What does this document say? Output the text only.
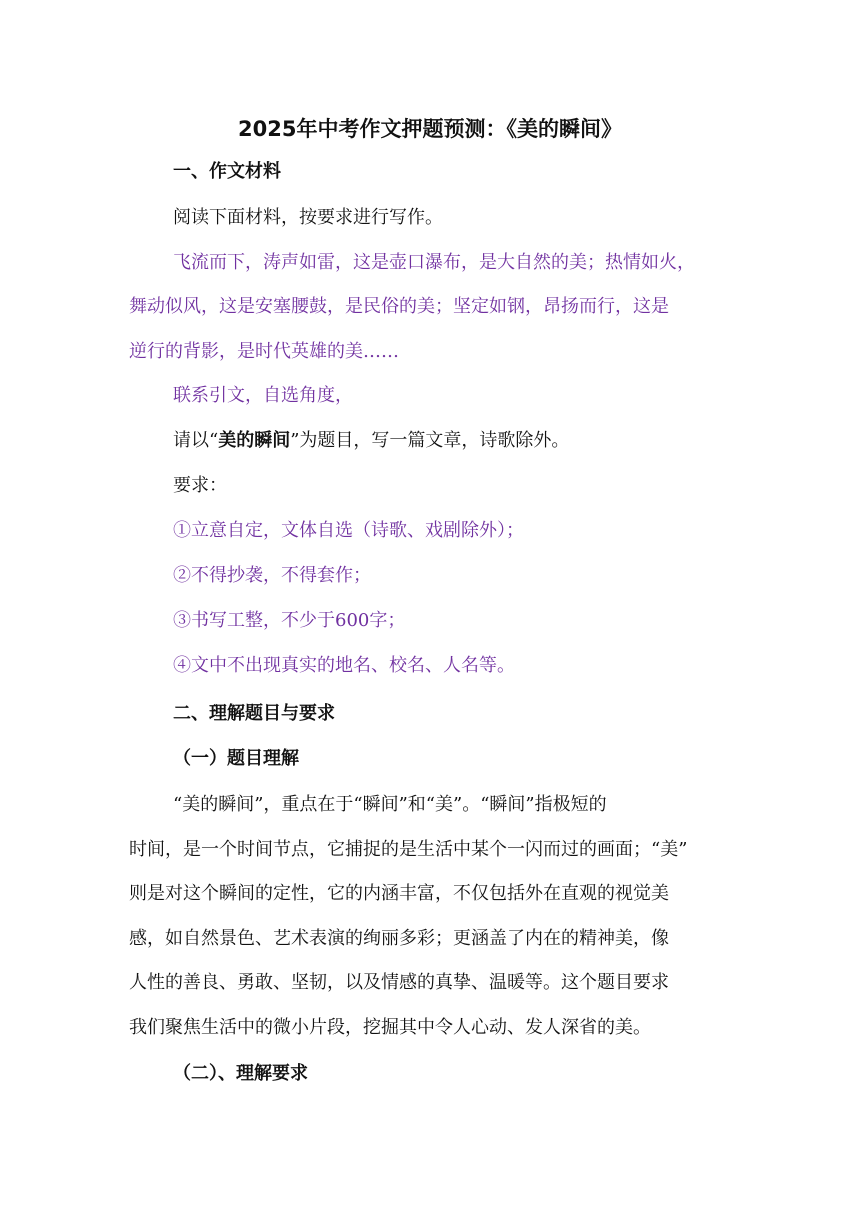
2025年中考作文押题预测：《美的瞬间》
一、作文材料
阅读下面材料，按要求进行写作。
飞流而下，涛声如雷，这是壶口瀑布，是大自然的美；热情如火，
舞动似风，这是安塞腰鼓，是民俗的美；坚定如钢，昂扬而行，这是
逆行的背影，是时代英雄的美……
联系引文，自选角度，
请以“美的瞬间”为题目，写一篇文章，诗歌除外。
要求：
①立意自定，文体自选（诗歌、戏剧除外）；
②不得抄袭，不得套作；
③书写工整，不少于600字；
④文中不出现真实的地名、校名、人名等。
二、理解题目与要求
（一）题目理解
“美的瞬间”，重点在于“瞬间”和“美”。“瞬间”指极短的
时间，是一个时间节点，它捕捉的是生活中某个一闪而过的画面；“美”
则是对这个瞬间的定性，它的内涵丰富，不仅包括外在直观的视觉美
感，如自然景色、艺术表演的绚丽多彩；更涵盖了内在的精神美，像
人性的善良、勇敢、坚韧，以及情感的真挚、温暖等。这个题目要求
我们聚焦生活中的微小片段，挖掘其中令人心动、发人深省的美。
（二）、理解要求
